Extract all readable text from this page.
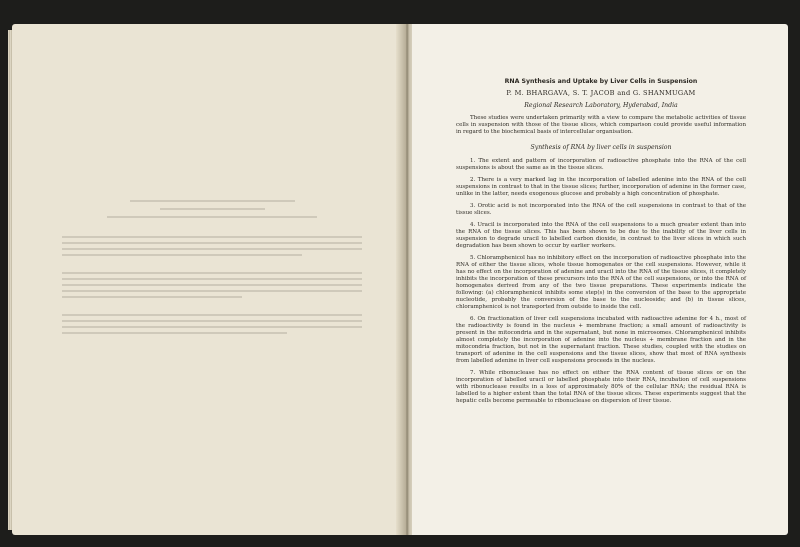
RNA Synthesis and Uptake by Liver Cells in Suspension
P. M. BHARGAVA, S. T. JACOB and G. SHANMUGAM
Regional Research Laboratory, Hyderabad, India
These studies were undertaken primarily with a view to compare the metabolic activities of tissue cells in suspension with those of the tissue slices, which comparison could provide useful information in regard to the biochemical basis of intercellular organisation.
Synthesis of RNA by liver cells in suspension
1. The extent and pattern of incorporation of radioactive phosphate into the RNA of the cell suspensions is about the same as in the tissue slices.
2. There is a very marked lag in the incorporation of labelled adenine into the RNA of the cell suspensions in contrast to that in the tissue slices; further, incorporation of adenine in the former case, unlike in the latter, needs exogenous glucose and probably a high concentration of phosphate.
3. Orotic acid is not incorporated into the RNA of the cell suspensions in contrast to that of the tissue slices.
4. Uracil is incorporated into the RNA of the cell suspensions to a much greater extent than into the RNA of the tissue slices. This has been shown to be due to the inability of the liver cells in suspension to degrade uracil to labelled carbon dioxide, in contrast to the liver slices in which such degradation has been shown to occur by earlier workers.
5. Chloramphenicol has no inhibitory effect on the incorporation of radioactive phosphate into the RNA of either the tissue slices, whole tissue homogenates or the cell suspensions. However, while it has no effect on the incorporation of adenine and uracil into the RNA of the tissue slices, it completely inhibits the incorporation of these precursors into the RNA of the cell suspensions, or into the RNA of homogenates derived from any of the two tissue preparations. These experiments indicate the following: (a) chloramphenicol inhibits some step(s) in the conversion of the base to the appropriate nucleotide, probably the conversion of the base to the nucleoside; and (b) in tissue slices, chloramphenicol is not transported from outside to inside the cell.
6. On fractionation of liver cell suspensions incubated with radioactive adenine for 4 h., most of the radioactivity is found in the nucleus + membrane fraction; a small amount of radioactivity is present in the mitocondria and in the supernatant, but none in microsomes. Chloramphenicol inhibits almost completely the incorporation of adenine into the nucleus + membrane fraction and in the mitocondria fraction, but not in the supernatant fraction. These studies, coupled with the studies on transport of adenine in the cell suspensions and the tissue slices, show that most of RNA synthesis from labelled adenine in liver cell suspensions proceeds in the nucleus.
7. While ribonuclease has no effect on either the RNA content of tissue slices or on the incorporation of labelled uracil or labelled phosphate into their RNA, incubation of cell suspensions with ribonuclease results in a loss of approximately 80% of the cellular RNA; the residual RNA is labelled to a higher extent than the total RNA of the tissue slices. These experiments suggest that the hepatic cells become permeable to ribonuclease on dispersion of liver tissue.
